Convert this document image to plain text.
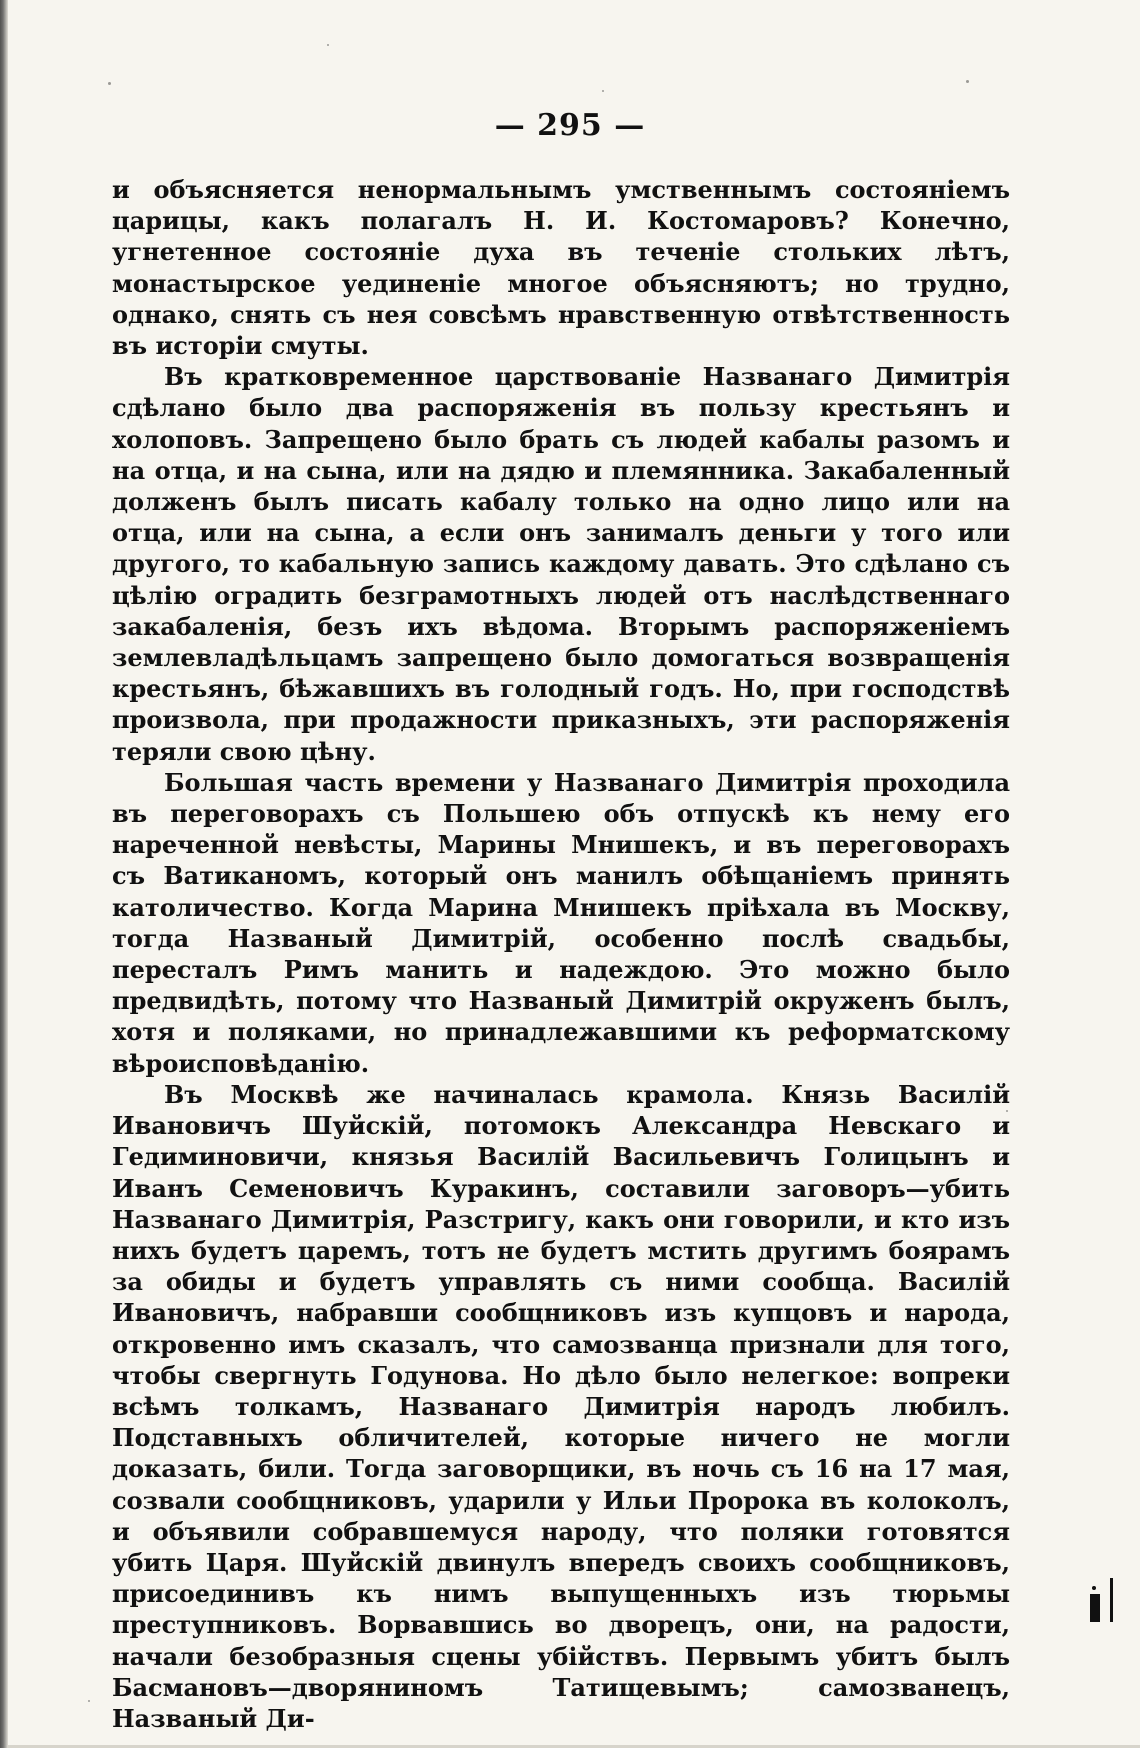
— 295 —

и объясняется ненормальнымъ умственнымъ состояніемъ царицы, какъ полагалъ Н. И. Костомаровъ? Конечно, угнетенное состояніе духа въ теченіе стольких лѣтъ, монастырское уединеніе многое объясняютъ; но трудно, однако, снять съ нея совсѣмъ нравственную отвѣтственность въ исторіи смуты.

Въ кратковременное царствованіе Названаго Димитрія сдѣлано было два распоряженія въ пользу крестьянъ и холоповъ. Запрещено было брать съ людей кабалы разомъ и на отца, и на сына, или на дядю и племянника. Закабаленный долженъ былъ писать кабалу только на одно лицо или на отца, или на сына, а если онъ занималъ деньги у того или другого, то кабальную запись каждому давать. Это сдѣлано съ цѣлію оградить безграмотныхъ людей отъ наслѣдственнаго закабаленія, безъ ихъ вѣдома. Вторымъ распоряженіемъ землевладѣльцамъ запрещено было домогаться возвращенія крестьянъ, бѣжавшихъ въ голодный годъ. Но, при господствѣ произвола, при продажности приказныхъ, эти распоряженія теряли свою цѣну.

Большая часть времени у Названаго Димитрія проходила въ переговорахъ съ Польшею объ отпускѣ къ нему его нареченной невѣсты, Марины Мнишекъ, и въ переговорахъ съ Ватиканомъ, который онъ манилъ обѣщаніемъ принять католичество. Когда Марина Мнишекъ пріѣхала въ Москву, тогда Названый Димитрій, особенно послѣ свадьбы, пересталъ Римъ манить и надеждою. Это можно было предвидѣть, потому что Названый Димитрій окруженъ былъ, хотя и поляками, но принадлежавшими къ реформатскому вѣроисповѣданію.

Въ Москвѣ же начиналась крамола. Князь Василій Ивановичъ Шуйскій, потомокъ Александра Невскаго и Гедиминовичи, князья Василій Васильевичъ Голицынъ и Иванъ Семеновичъ Куракинъ, составили заговоръ—убить Названаго Димитрія, Разстригу, какъ они говорили, и кто изъ нихъ будетъ царемъ, тотъ не будетъ мстить другимъ боярамъ за обиды и будетъ управлять съ ними сообща. Василій Ивановичъ, набравши сообщниковъ изъ купцовъ и народа, откровенно имъ сказалъ, что самозванца признали для того, чтобы свергнуть Годунова. Но дѣло было нелегкое: вопреки всѣмъ толкамъ, Названаго Димитрія народъ любилъ. Подставныхъ обличителей, которые ничего не могли доказать, били. Тогда заговорщики, въ ночь съ 16 на 17 мая, созвали сообщниковъ, ударили у Ильи Пророка въ колоколъ, и объявили собравшемуся народу, что поляки готовятся убить Царя. Шуйскій двинулъ впередъ своихъ сообщниковъ, присоединивъ къ нимъ выпущенныхъ изъ тюрьмы преступниковъ. Ворвавшись во дворецъ, они, на радости, начали безобразныя сцены убійствъ. Первымъ убитъ былъ Басмановъ—дворяниномъ Татищевымъ; самозванецъ, Названый Ди-
